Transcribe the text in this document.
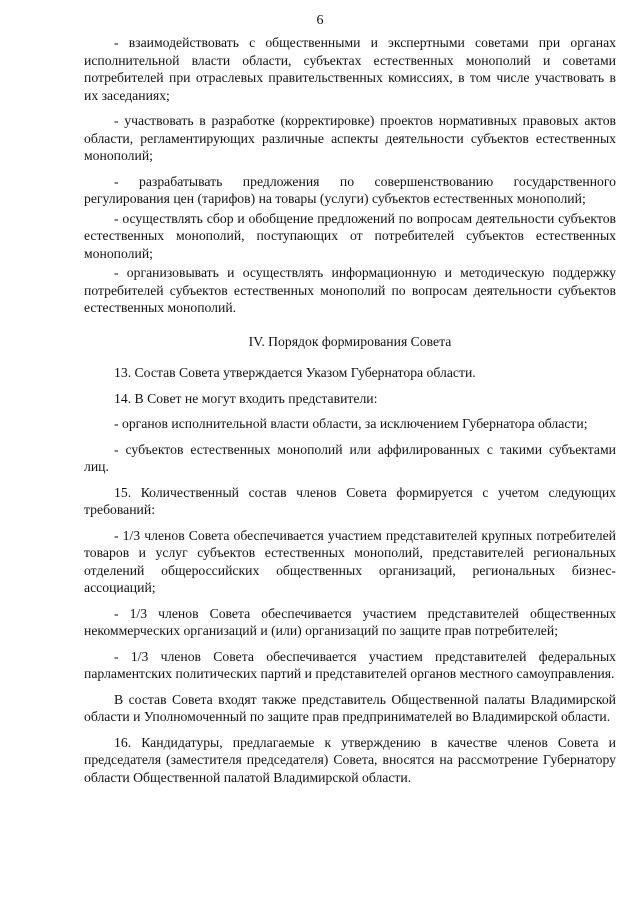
6

- взаимодействовать с общественными и экспертными советами при органах исполнительной власти области, субъектах естественных монополий и советами потребителей при отраслевых правительственных комиссиях, в том числе участвовать в их заседаниях;

- участвовать в разработке (корректировке) проектов нормативных правовых актов области, регламентирующих различные аспекты деятельности субъектов естественных монополий;

- разрабатывать предложения по совершенствованию государственного регулирования цен (тарифов) на товары (услуги) субъектов естественных монополий;

- осуществлять сбор и обобщение предложений по вопросам деятельности субъектов естественных монополий, поступающих от потребителей субъектов естественных монополий;

- организовывать и осуществлять информационную и методическую поддержку потребителей субъектов естественных монополий по вопросам деятельности субъектов естественных монополий.

IV. Порядок формирования Совета

13. Состав Совета утверждается Указом Губернатора области.

14. В Совет не могут входить представители:

- органов исполнительной власти области, за исключением Губернатора области;

- субъектов естественных монополий или аффилированных с такими субъектами лиц.

15. Количественный состав членов Совета формируется с учетом следующих требований:

- 1/3 членов Совета обеспечивается участием представителей крупных потребителей товаров и услуг субъектов естественных монополий, представителей региональных отделений общероссийских общественных организаций, региональных бизнес-ассоциаций;

- 1/3 членов Совета обеспечивается участием представителей общественных некоммерческих организаций и (или) организаций по защите прав потребителей;

- 1/3 членов Совета обеспечивается участием представителей федеральных парламентских политических партий и представителей органов местного самоуправления.

В состав Совета входят также представитель Общественной палаты Владимирской области и Уполномоченный по защите прав предпринимателей во Владимирской области.

16. Кандидатуры, предлагаемые к утверждению в качестве членов Совета и председателя (заместителя председателя) Совета, вносятся на рассмотрение Губернатору области Общественной палатой Владимирской области.
